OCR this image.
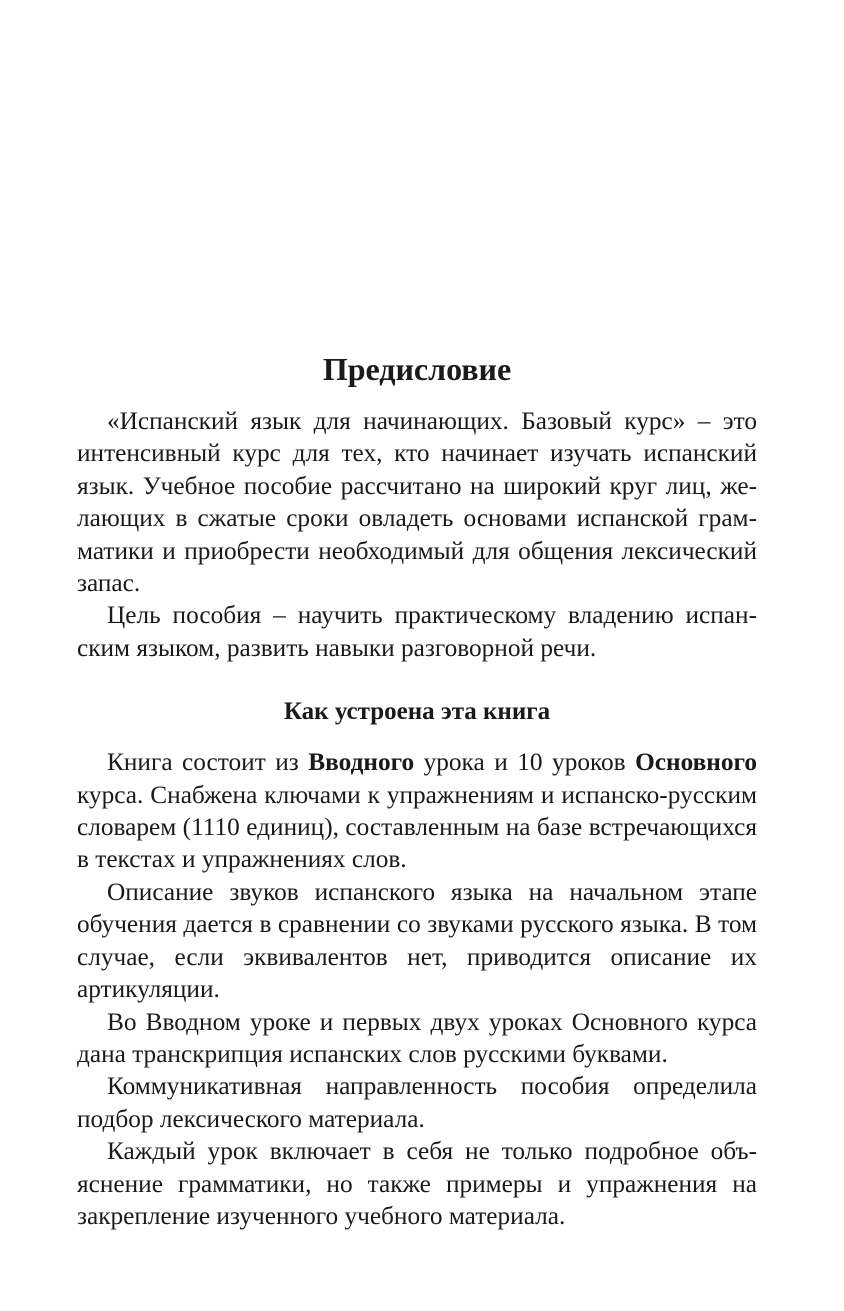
Предисловие

«Испанский язык для начинающих. Базовый курс» – это интенсивный курс для тех, кто начинает изучать испанский язык. Учебное пособие рассчитано на широкий круг лиц, желающих в сжатые сроки овладеть основами испанской грамматики и приобрести необходимый для общения лексический запас.

Цель пособия – научить практическому владению испанским языком, развить навыки разговорной речи.

Как устроена эта книга

Книга состоит из Вводного урока и 10 уроков Основного курса. Снабжена ключами к упражнениям и испанско-русским словарем (1110 единиц), составленным на базе встречающихся в текстах и упражнениях слов.

Описание звуков испанского языка на начальном этапе обучения дается в сравнении со звуками русского языка. В том случае, если эквивалентов нет, приводится описание их артикуляции.

Во Вводном уроке и первых двух уроках Основного курса дана транскрипция испанских слов русскими буквами.

Коммуникативная направленность пособия определила подбор лексического материала.

Каждый урок включает в себя не только подробное объяснение грамматики, но также примеры и упражнения на закрепление изученного учебного материала.
